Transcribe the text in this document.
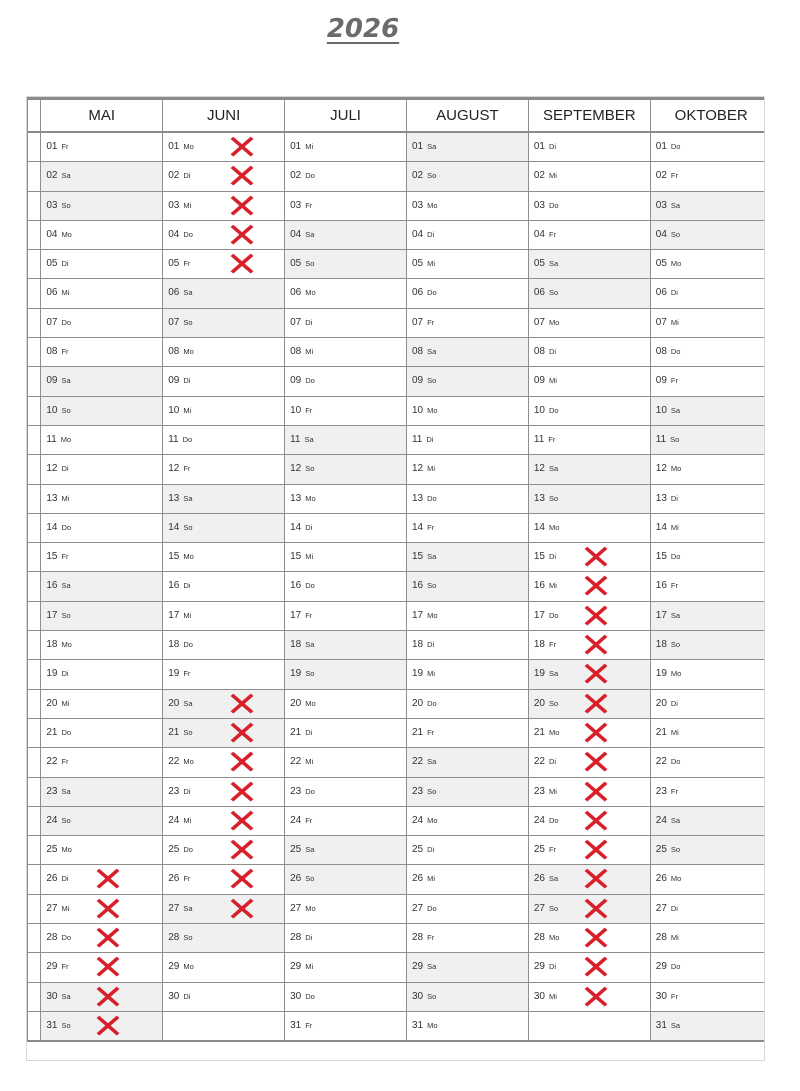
2026
	MAI	JUNI	JULI	AUGUST	SEPTEMBER	OKTOBER	

	01 Fr	01 Mo ✕	01 Mi	01 Sa	01 Di	01 Do	

	02 Sa	02 Di ✕	02 Do	02 So	02 Mi	02 Fr	

	03 So	03 Mi ✕	03 Fr	03 Mo	03 Do	03 Sa	

	04 Mo	04 Do ✕	04 Sa	04 Di	04 Fr	04 So	

	05 Di	05 Fr ✕	05 So	05 Mi	05 Sa	05 Mo	

	06 Mi	06 Sa	06 Mo	06 Do	06 So	06 Di	

	07 Do	07 So	07 Di	07 Fr	07 Mo	07 Mi	

	08 Fr	08 Mo	08 Mi	08 Sa	08 Di	08 Do	

	09 Sa	09 Di	09 Do	09 So	09 Mi	09 Fr	

	10 So	10 Mi	10 Fr	10 Mo	10 Do	10 Sa	

	11 Mo	11 Do	11 Sa	11 Di	11 Fr	11 So	

	12 Di	12 Fr	12 So	12 Mi	12 Sa	12 Mo	

	13 Mi	13 Sa	13 Mo	13 Do	13 So	13 Di	

	14 Do	14 So	14 Di	14 Fr	14 Mo	14 Mi	

	15 Fr	15 Mo	15 Mi	15 Sa	15 Di ✕	15 Do	

	16 Sa	16 Di	16 Do	16 So	16 Mi ✕	16 Fr	

	17 So	17 Mi	17 Fr	17 Mo	17 Do ✕	17 Sa	

	18 Mo	18 Do	18 Sa	18 Di	18 Fr ✕	18 So	

	19 Di	19 Fr	19 So	19 Mi	19 Sa ✕	19 Mo	

	20 Mi	20 Sa ✕	20 Mo	20 Do	20 So ✕	20 Di	

	21 Do	21 So ✕	21 Di	21 Fr	21 Mo ✕	21 Mi	

	22 Fr	22 Mo ✕	22 Mi	22 Sa	22 Di ✕	22 Do	

	23 Sa	23 Di ✕	23 Do	23 So	23 Mi ✕	23 Fr	

	24 So	24 Mi ✕	24 Fr	24 Mo	24 Do ✕	24 Sa	

	25 Mo	25 Do ✕	25 Sa	25 Di	25 Fr ✕	25 So	

	26 Di ✕	26 Fr ✕	26 So	26 Mi	26 Sa ✕	26 Mo	

	27 Mi ✕	27 Sa ✕	27 Mo	27 Do	27 So ✕	27 Di	

	28 Do ✕	28 So	28 Di	28 Fr	28 Mo ✕	28 Mi	

	29 Fr ✕	29 Mo	29 Mi	29 Sa	29 Di ✕	29 Do	

	30 Sa ✕	30 Di	30 Do	30 So	30 Mi ✕	30 Fr	

	31 So ✕		31 Fr	31 Mo		31 Sa	
